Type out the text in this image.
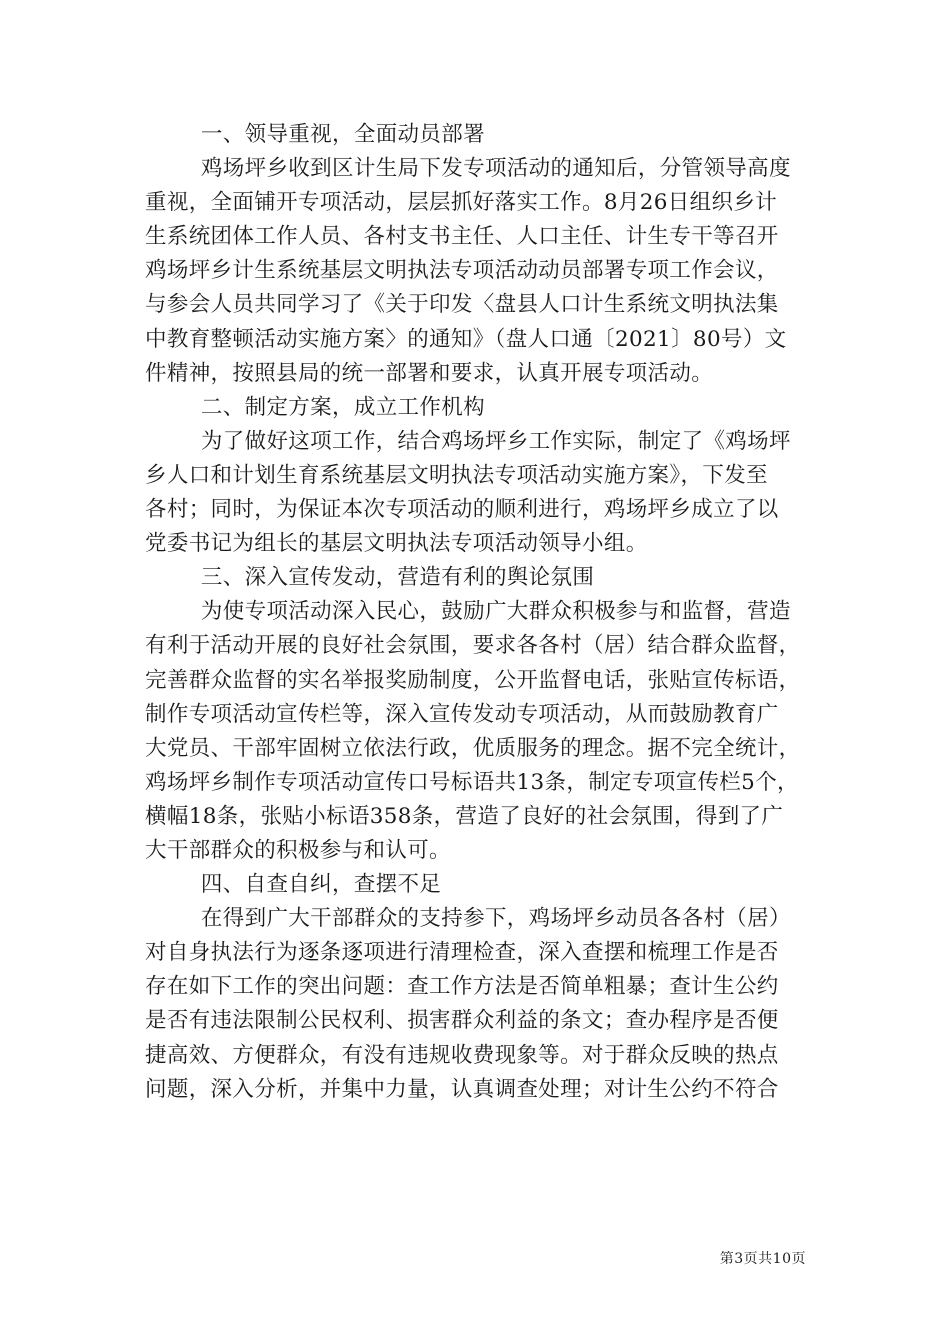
一、领导重视，全面动员部署

鸡场坪乡收到区计生局下发专项活动的通知后，分管领导高度
重视，全面铺开专项活动，层层抓好落实工作。8月26日组织乡计
生系统团体工作人员、各村支书主任、人口主任、计生专干等召开
鸡场坪乡计生系统基层文明执法专项活动动员部署专项工作会议，
与参会人员共同学习了《关于印发〈盘县人口计生系统文明执法集
中教育整顿活动实施方案〉的通知》（盘人口通〔2021〕80号）文
件精神，按照县局的统一部署和要求，认真开展专项活动。

二、制定方案，成立工作机构

为了做好这项工作，结合鸡场坪乡工作实际，制定了《鸡场坪
乡人口和计划生育系统基层文明执法专项活动实施方案》，下发至
各村；同时，为保证本次专项活动的顺利进行，鸡场坪乡成立了以
党委书记为组长的基层文明执法专项活动领导小组。

三、深入宣传发动，营造有利的舆论氛围

为使专项活动深入民心，鼓励广大群众积极参与和监督，营造
有利于活动开展的良好社会氛围，要求各各村（居）结合群众监督，
完善群众监督的实名举报奖励制度，公开监督电话，张贴宣传标语，
制作专项活动宣传栏等，深入宣传发动专项活动，从而鼓励教育广
大党员、干部牢固树立依法行政，优质服务的理念。据不完全统计，
鸡场坪乡制作专项活动宣传口号标语共13条，制定专项宣传栏5个，
横幅18条，张贴小标语358条，营造了良好的社会氛围，得到了广
大干部群众的积极参与和认可。

四、自查自纠，查摆不足

在得到广大干部群众的支持参下，鸡场坪乡动员各各村（居）
对自身执法行为逐条逐项进行清理检查，深入查摆和梳理工作是否
存在如下工作的突出问题：查工作方法是否简单粗暴；查计生公约
是否有违法限制公民权利、损害群众利益的条文；查办程序是否便
捷高效、方便群众，有没有违规收费现象等。对于群众反映的热点
问题，深入分析，并集中力量，认真调查处理；对计生公约不符合

第3页共10页
